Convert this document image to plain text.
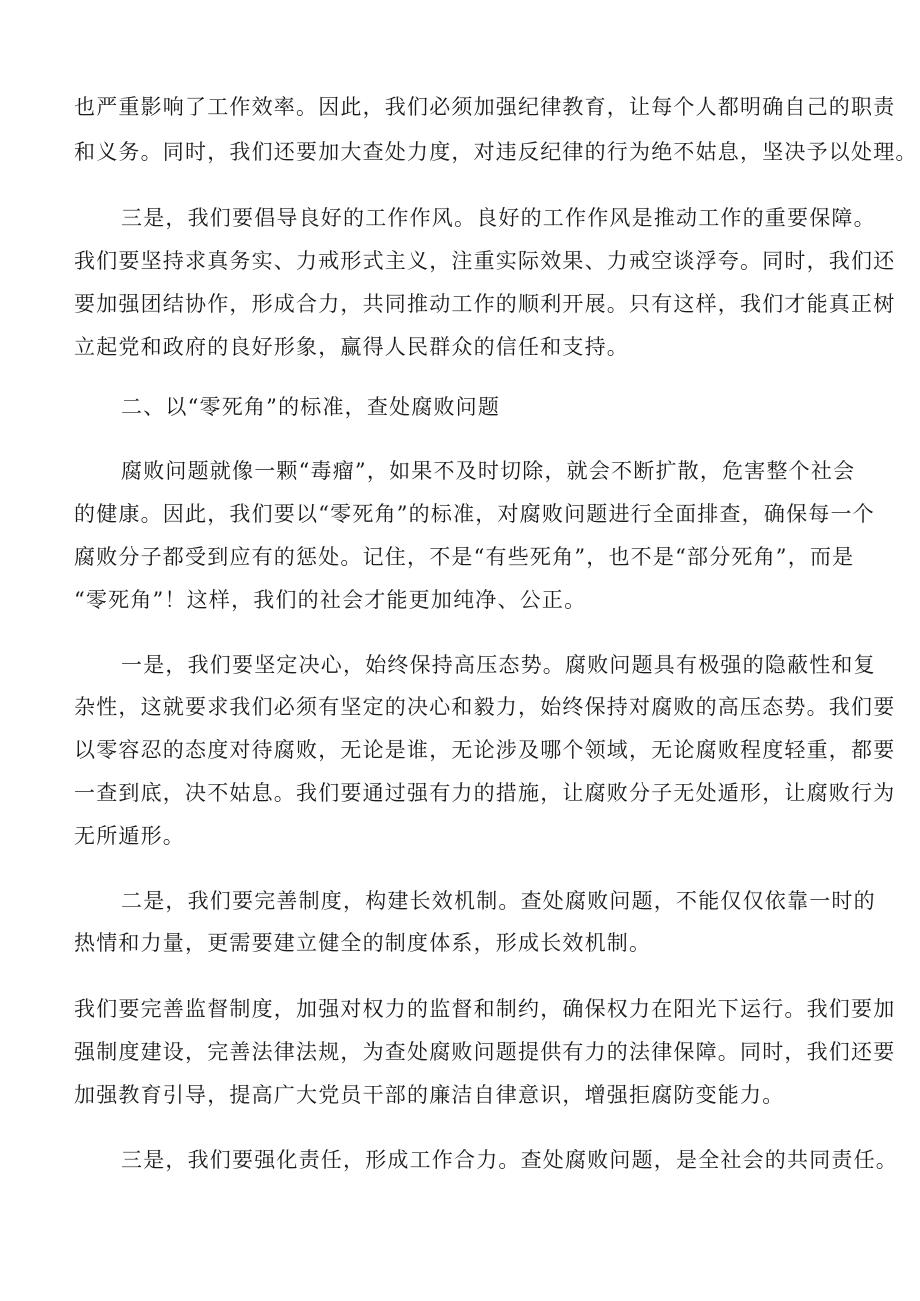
也严重影响了工作效率。因此，我们必须加强纪律教育，让每个人都明确自己的职责
和义务。同时，我们还要加大查处力度，对违反纪律的行为绝不姑息，坚决予以处理。
三是，我们要倡导良好的工作作风。良好的工作作风是推动工作的重要保障。
我们要坚持求真务实、力戒形式主义，注重实际效果、力戒空谈浮夸。同时，我们还
要加强团结协作，形成合力，共同推动工作的顺利开展。只有这样，我们才能真正树
立起党和政府的良好形象，赢得人民群众的信任和支持。
二、以“零死角”的标准，查处腐败问题
腐败问题就像一颗“毒瘤”，如果不及时切除，就会不断扩散，危害整个社会
的健康。因此，我们要以“零死角”的标准，对腐败问题进行全面排查，确保每一个
腐败分子都受到应有的惩处。记住，不是“有些死角”，也不是“部分死角”，而是
“零死角”！这样，我们的社会才能更加纯净、公正。
一是，我们要坚定决心，始终保持高压态势。腐败问题具有极强的隐蔽性和复
杂性，这就要求我们必须有坚定的决心和毅力，始终保持对腐败的高压态势。我们要
以零容忍的态度对待腐败，无论是谁，无论涉及哪个领域，无论腐败程度轻重，都要
一查到底，决不姑息。我们要通过强有力的措施，让腐败分子无处遁形，让腐败行为
无所遁形。
二是，我们要完善制度，构建长效机制。查处腐败问题，不能仅仅依靠一时的
热情和力量，更需要建立健全的制度体系，形成长效机制。
我们要完善监督制度，加强对权力的监督和制约，确保权力在阳光下运行。我们要加
强制度建设，完善法律法规，为查处腐败问题提供有力的法律保障。同时，我们还要
加强教育引导，提高广大党员干部的廉洁自律意识，增强拒腐防变能力。
三是，我们要强化责任，形成工作合力。查处腐败问题，是全社会的共同责任。
